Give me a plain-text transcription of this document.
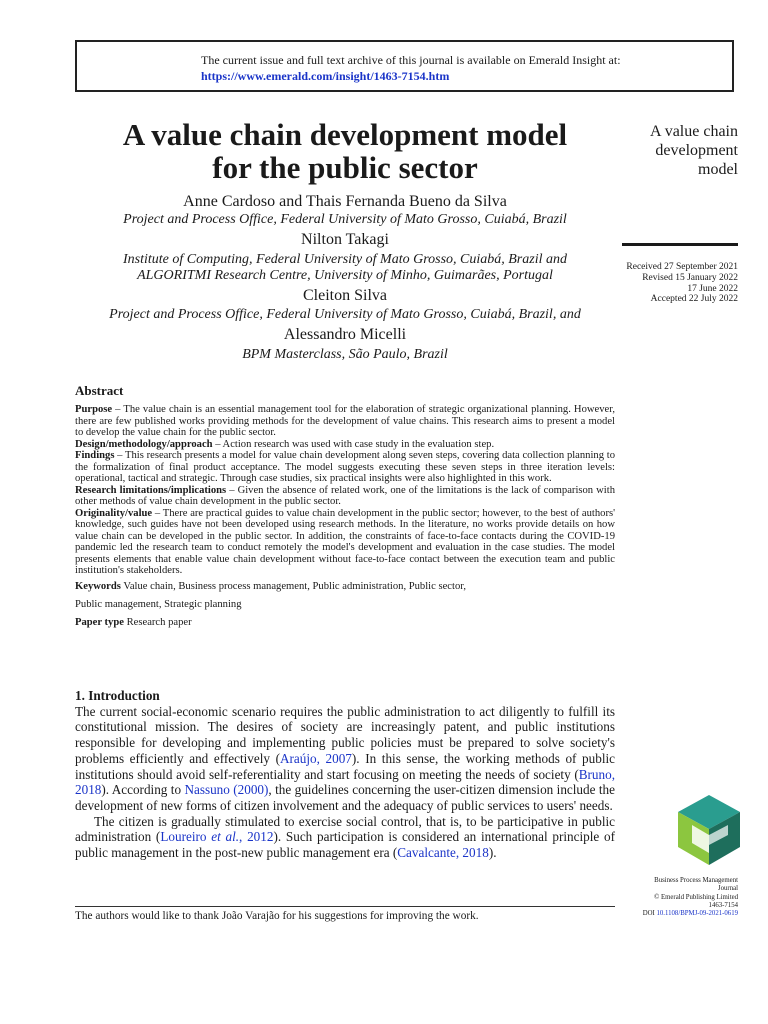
The current issue and full text archive of this journal is available on Emerald Insight at:
https://www.emerald.com/insight/1463-7154.htm
A value chain development model
for the public sector
A value chain
development
model
Received 27 September 2021
Revised 15 January 2022
17 June 2022
Accepted 22 July 2022
Anne Cardoso and Thais Fernanda Bueno da Silva
Project and Process Office, Federal University of Mato Grosso, Cuiabá, Brazil
Nilton Takagi
Institute of Computing, Federal University of Mato Grosso, Cuiabá, Brazil and
ALGORITMI Research Centre, University of Minho, Guimarães, Portugal
Cleiton Silva
Project and Process Office, Federal University of Mato Grosso, Cuiabá, Brazil, and
Alessandro Micelli
BPM Masterclass, São Paulo, Brazil
Abstract

Purpose – The value chain is an essential management tool for the elaboration of strategic organizational planning. However, there are few published works providing methods for the development of value chains. This research aims to present a model to develop the value chain for the public sector.

Design/methodology/approach – Action research was used with case study in the evaluation step.

Findings – This research presents a model for value chain development along seven steps, covering data collection planning to the formalization of final product acceptance. The model suggests executing these seven steps in three iteration levels: operational, tactical and strategic. Through case studies, six practical insights were also highlighted in this work.

Research limitations/implications – Given the absence of related work, one of the limitations is the lack of comparison with other methods of value chain development in the public sector.

Originality/value – There are practical guides to value chain development in the public sector; however, to the best of authors' knowledge, such guides have not been developed using research methods. In the literature, no works provide details on how value chain can be developed in the public sector. In addition, the constraints of face-to-face contacts during the COVID-19 pandemic led the research team to conduct remotely the model's development and evaluation in the case studies. The model presents elements that enable value chain development without face-to-face contact between the execution team and public institution's stakeholders.

Keywords Value chain, Business process management, Public administration, Public sector,
Public management, Strategic planning
Paper type Research paper
1. Introduction

The current social-economic scenario requires the public administration to act diligently to fulfill its constitutional mission. The desires of society are increasingly patent, and public institutions responsible for developing and implementing public policies must be prepared to solve society's problems efficiently and effectively (Araújo, 2007). In this sense, the working methods of public institutions should avoid self-referentiality and start focusing on meeting the needs of society (Bruno, 2018). According to Nassuno (2000), the guidelines concerning the user-citizen dimension include the development of new forms of citizen involvement and the adequacy of public services to users' needs.

The citizen is gradually stimulated to exercise social control, that is, to be participative in public administration (Loureiro et al., 2012). Such participation is considered an international principle of public management in the post-new public management era (Cavalcante, 2018).

The authors would like to thank João Varajão for his suggestions for improving the work.
Business Process Management
Journal
© Emerald Publishing Limited
1463-7154
DOI 10.1108/BPMJ-09-2021-0619
